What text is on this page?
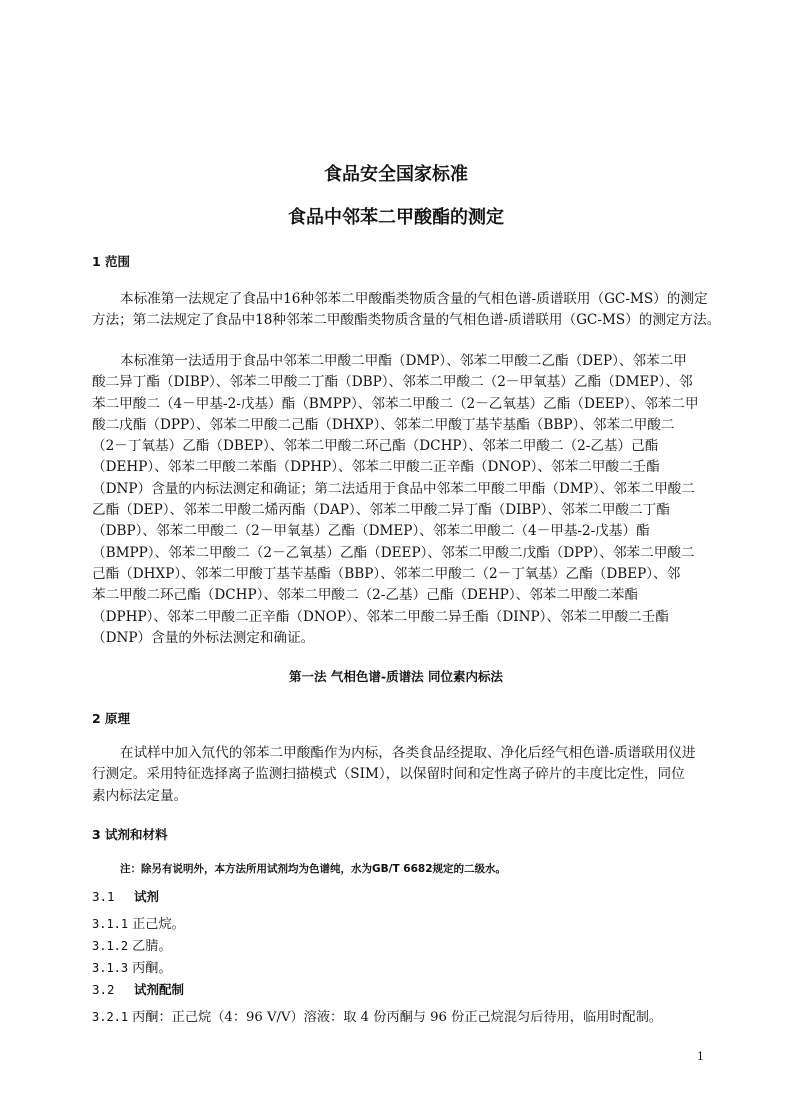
食品安全国家标准
食品中邻苯二甲酸酯的测定
1 范围

本标准第一法规定了食品中16种邻苯二甲酸酯类物质含量的气相色谱-质谱联用（GC-MS）的测定
方法；第二法规定了食品中18种邻苯二甲酸酯类物质含量的气相色谱-质谱联用（GC-MS）的测定方法。

本标准第一法适用于食品中邻苯二甲酸二甲酯（DMP）、邻苯二甲酸二乙酯（DEP）、邻苯二甲
酸二异丁酯（DIBP）、邻苯二甲酸二丁酯（DBP）、邻苯二甲酸二（2－甲氧基）乙酯（DMEP）、邻
苯二甲酸二（4－甲基-2-戊基）酯（BMPP）、邻苯二甲酸二（2－乙氧基）乙酯（DEEP）、邻苯二甲
酸二戊酯（DPP）、邻苯二甲酸二己酯（DHXP）、邻苯二甲酸丁基苄基酯（BBP）、邻苯二甲酸二
（2－丁氧基）乙酯（DBEP）、邻苯二甲酸二环己酯（DCHP）、邻苯二甲酸二（2-乙基）己酯
（DEHP）、邻苯二甲酸二苯酯（DPHP）、邻苯二甲酸二正辛酯（DNOP）、邻苯二甲酸二壬酯
（DNP）含量的内标法测定和确证；第二法适用于食品中邻苯二甲酸二甲酯（DMP）、邻苯二甲酸二
乙酯（DEP）、邻苯二甲酸二烯丙酯（DAP）、邻苯二甲酸二异丁酯（DIBP）、邻苯二甲酸二丁酯
（DBP）、邻苯二甲酸二（2－甲氧基）乙酯（DMEP）、邻苯二甲酸二（4－甲基-2-戊基）酯
（BMPP）、邻苯二甲酸二（2－乙氧基）乙酯（DEEP）、邻苯二甲酸二戊酯（DPP）、邻苯二甲酸二
己酯（DHXP）、邻苯二甲酸丁基苄基酯（BBP）、邻苯二甲酸二（2－丁氧基）乙酯（DBEP）、邻
苯二甲酸二环己酯（DCHP）、邻苯二甲酸二（2-乙基）己酯（DEHP）、邻苯二甲酸二苯酯
（DPHP）、邻苯二甲酸二正辛酯（DNOP）、邻苯二甲酸二异壬酯（DINP）、邻苯二甲酸二壬酯
（DNP）含量的外标法测定和确证。

第一法 气相色谱-质谱法 同位素内标法
2 原理

在试样中加入氘代的邻苯二甲酸酯作为内标，各类食品经提取、净化后经气相色谱-质谱联用仪进
行测定。采用特征选择离子监测扫描模式（SIM），以保留时间和定性离子碎片的丰度比定性，同位
素内标法定量。

3 试剂和材料
注：除另有说明外，本方法所用试剂均为色谱纯，水为GB/T 6682规定的二级水。
3.1 试剂
3.1.1 正己烷。
3.1.2 乙腈。
3.1.3 丙酮。
3.2 试剂配制
3.2.1 丙酮：正己烷（4：96 V/V）溶液：取 4 份丙酮与 96 份正己烷混匀后待用，临用时配制。
1
